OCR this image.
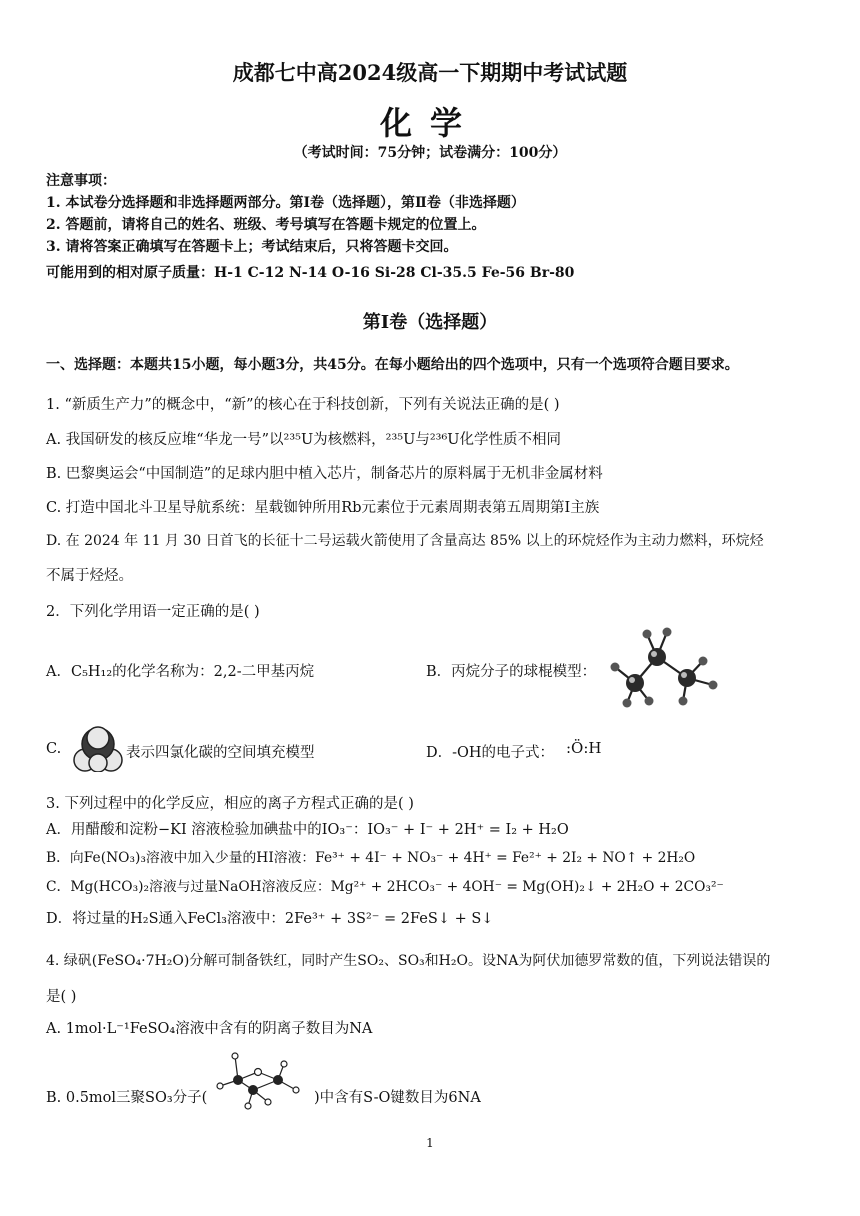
成都七中高2024级高一下期期中考试试题
化学
（考试时间：75分钟；试卷满分：100分）
注意事项：
1. 本试卷分选择题和非选择题两部分。第Ⅰ卷（选择题），第Ⅱ卷（非选择题）
2. 答题前，请将自己的姓名、班级、考号填写在答题卡规定的位置上。
3. 请将答案正确填写在答题卡上；考试结束后，只将答题卡交回。
可能用到的相对原子质量：H-1 C-12 N-14 O-16 Si-28 Cl-35.5 Fe-56 Br-80
第Ⅰ卷（选择题）
一、选择题：本题共15小题，每小题3分，共45分。在每小题给出的四个选项中，只有一个选项符合题目要求。
1. “新质生产力”的概念中，“新”的核心在于科技创新，下列有关说法正确的是( )
A. 我国研发的核反应堆“华龙一号”以²³⁵U为核燃料，²³⁵U与²³⁶U化学性质不相同
B. 巴黎奥运会“中国制造”的足球内胆中植入芯片，制备芯片的原料属于无机非金属材料
C. 打造中国北斗卫星导航系统：星载铷钟所用Rb元素位于元素周期表第五周期第Ⅰ主族
D. 在 2024 年 11 月 30 日首飞的长征十二号运载火箭使用了含量高达 85% 以上的环烷烃作为主动力燃料，环烷烃
不属于烃烃。
2．下列化学用语一定正确的是( )
A．C₅H₁₂的化学名称为：2,2-二甲基丙烷	B．丙烷分子的球棍模型：
C.	表示四氯化碳的空间填充模型	D．-OH的电子式： :Ö:H
3. 下列过程中的化学反应，相应的离子方程式正确的是( )
A．用醋酸和淀粉−KI 溶液检验加碘盐中的IO₃⁻：IO₃⁻ + I⁻ + 2H⁺ = I₂ + H₂O
B．向Fe(NO₃)₃溶液中加入少量的HI溶液：Fe³⁺ + 4I⁻ + NO₃⁻ + 4H⁺ = Fe²⁺ + 2I₂ + NO↑ + 2H₂O
C．Mg(HCO₃)₂溶液与过量NaOH溶液反应：Mg²⁺ + 2HCO₃⁻ + 4OH⁻ = Mg(OH)₂↓ + 2H₂O + 2CO₃²⁻
D．将过量的H₂S通入FeCl₃溶液中：2Fe³⁺ + 3S²⁻ = 2FeS↓ + S↓
4. 绿矾(FeSO₄·7H₂O)分解可制备铁红，同时产生SO₂、SO₃和H₂O。设NA为阿伏加德罗常数的值，下列说法错误的
是( )
A. 1mol·L⁻¹FeSO₄溶液中含有的阴离子数目为NA
B. 0.5mol三聚SO₃分子(	)中含有S-O键数目为6NA
1
